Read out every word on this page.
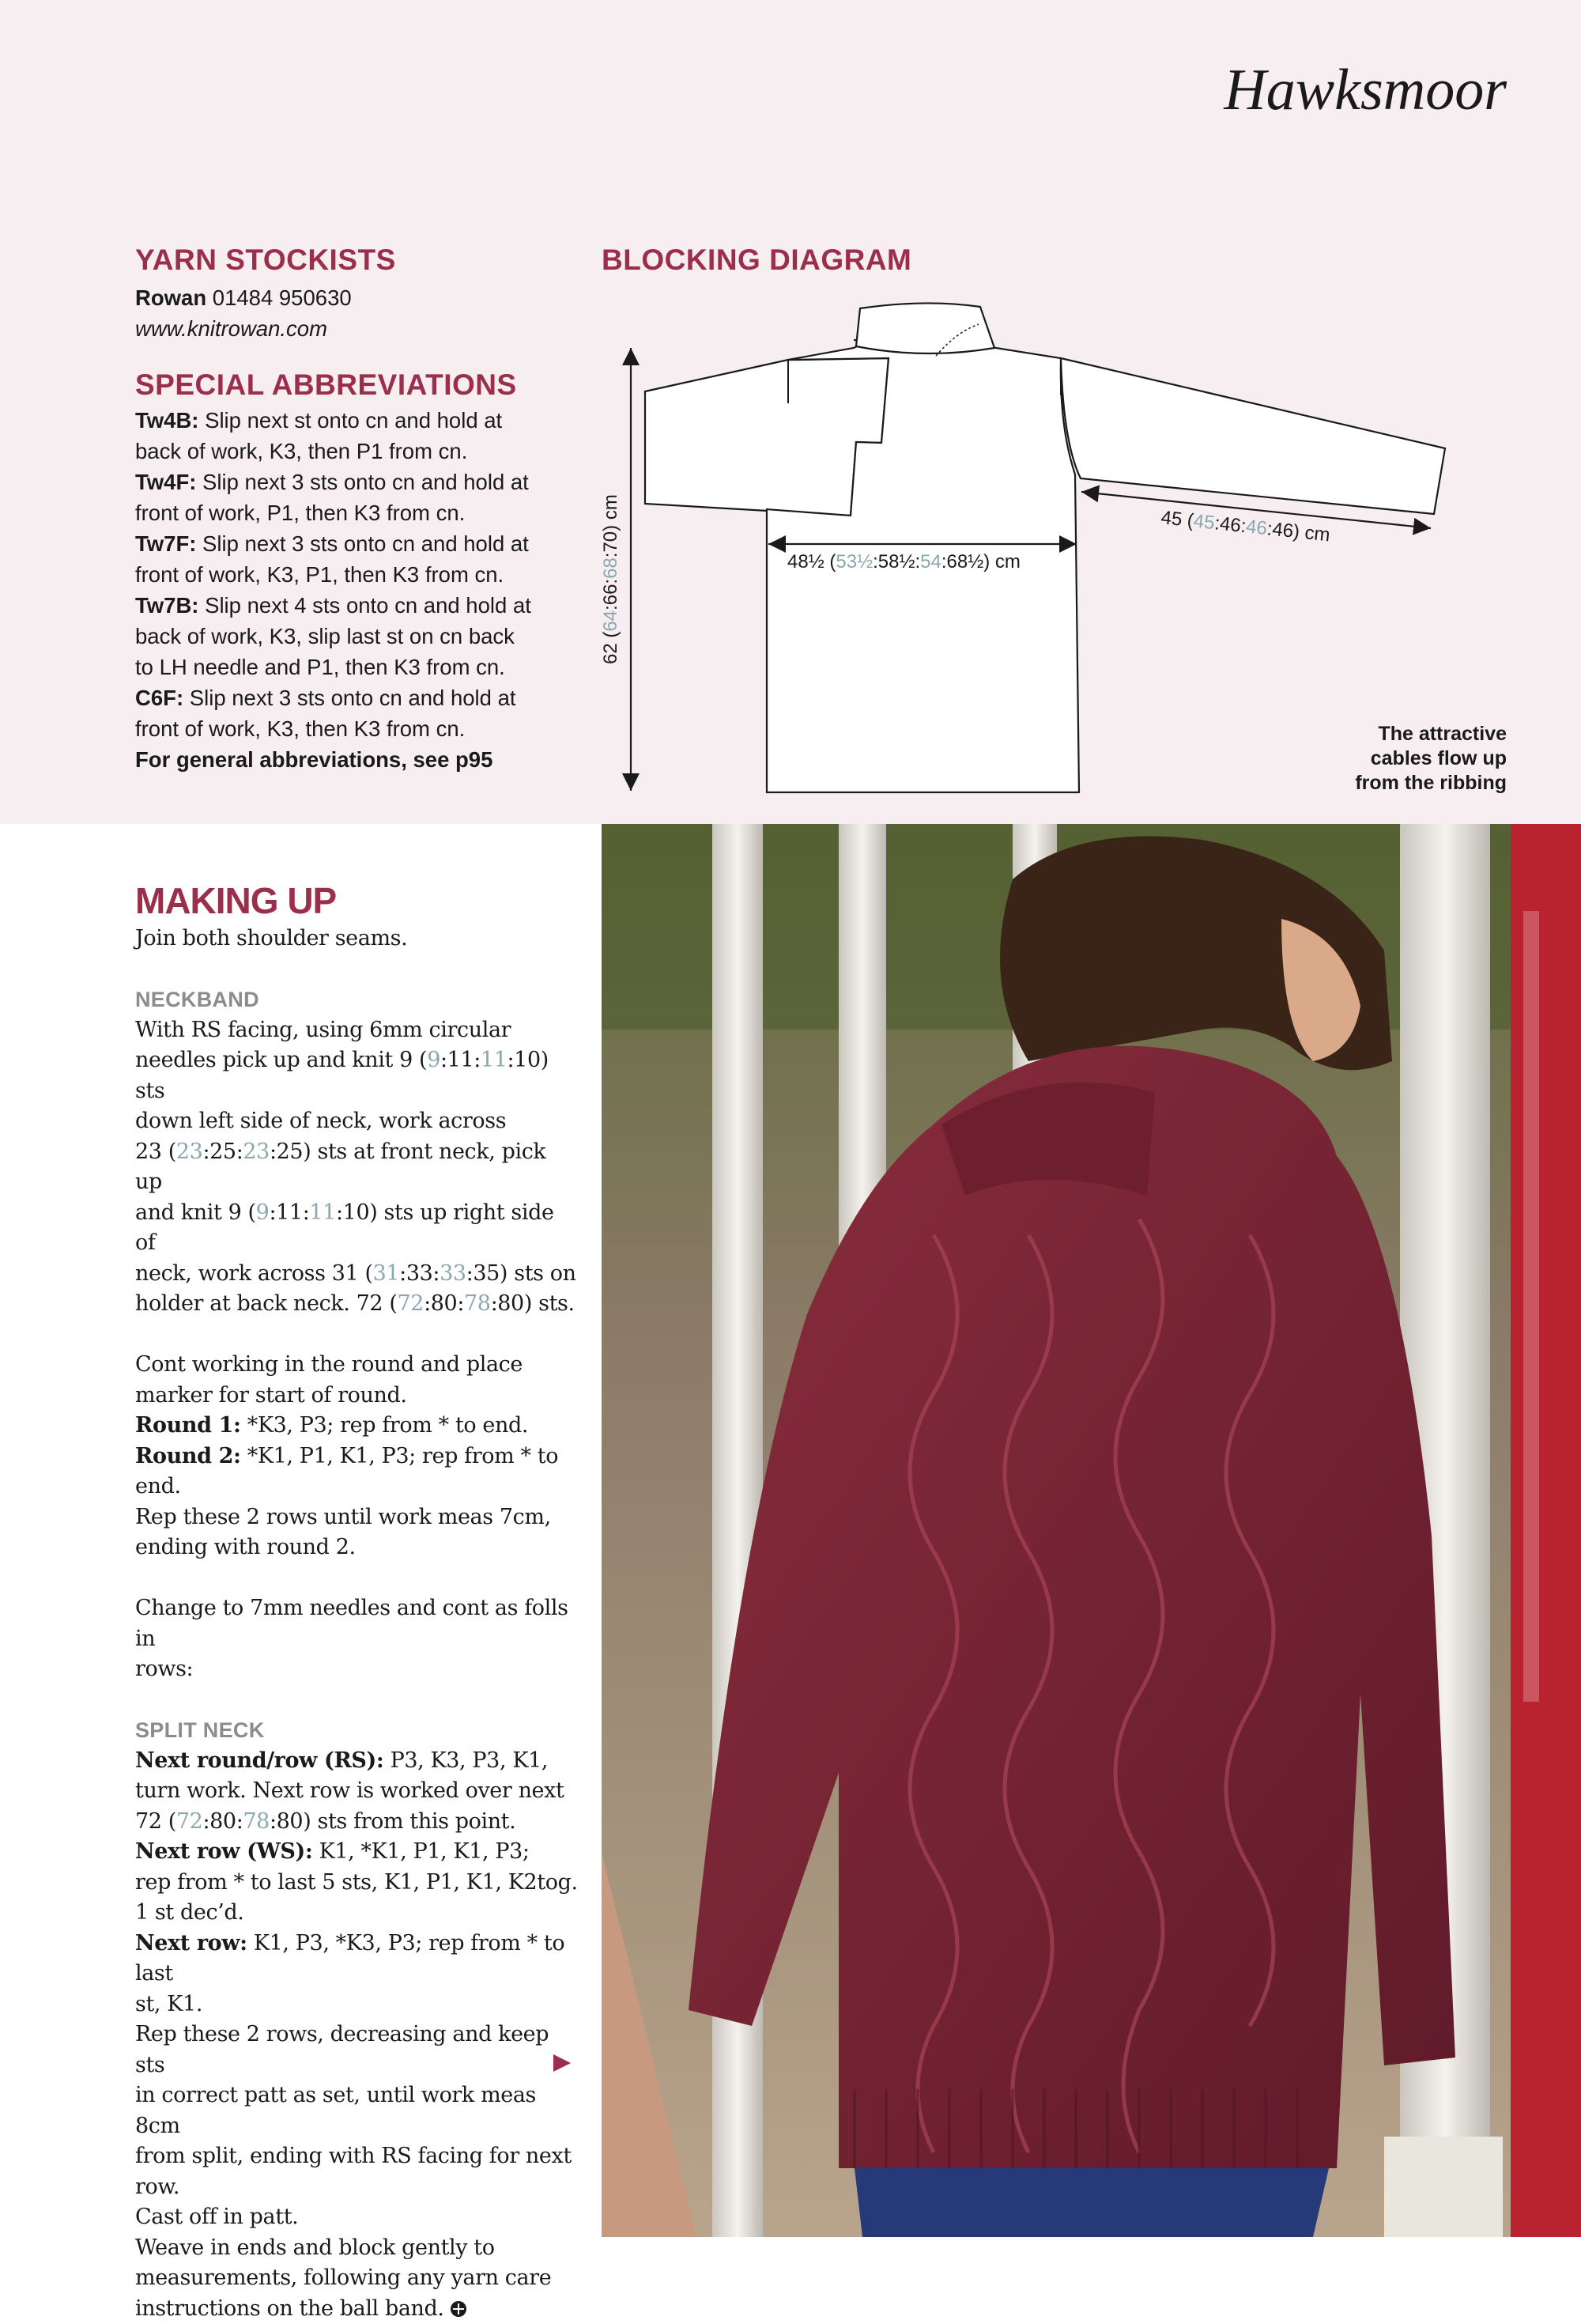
Hawksmoor
YARN STOCKISTS

Rowan 01484 950630

www.knitrowan.com

SPECIAL ABBREVIATIONS

Tw4B: Slip next st onto cn and hold at

back of work, K3, then P1 from cn.

Tw4F: Slip next 3 sts onto cn and hold at

front of work, P1, then K3 from cn.

Tw7F: Slip next 3 sts onto cn and hold at

front of work, K3, P1, then K3 from cn.

Tw7B: Slip next 4 sts onto cn and hold at

back of work, K3, slip last st on cn back

to LH needle and P1, then K3 from cn.

C6F: Slip next 3 sts onto cn and hold at

front of work, K3, then K3 from cn.

For general abbreviations, see p95

BLOCKING DIAGRAM
62 (64:66:68:70) cm
48½ (53½:58½:54:68½) cm
45 (45:46:46:46) cm
The attractive
cables flow up
from the ribbing
MAKING UP

Join both shoulder seams.

NECKBAND

With RS facing, using 6mm circular

needles pick up and knit 9 (9:11:11:10) sts

down left side of neck, work across

23 (23:25:23:25) sts at front neck, pick up

and knit 9 (9:11:11:10) sts up right side of

neck, work across 31 (31:33:33:35) sts on

holder at back neck. 72 (72:80:78:80) sts.

Cont working in the round and place

marker for start of round.

Round 1: *K3, P3; rep from * to end.

Round 2: *K1, P1, K1, P3; rep from * to end.

Rep these 2 rows until work meas 7cm,

ending with round 2.

Change to 7mm needles and cont as folls in

rows:

SPLIT NECK

Next round/row (RS): P3, K3, P3, K1,

turn work. Next row is worked over next

72 (72:80:78:80) sts from this point.

Next row (WS): K1, *K1, P1, K1, P3;

rep from * to last 5 sts, K1, P1, K1, K2tog.

1 st dec’d.

Next row: K1, P3, *K3, P3; rep from * to last

st, K1.

Rep these 2 rows, decreasing and keep sts

in correct patt as set, until work meas 8cm

from split, ending with RS facing for next

row.

Cast off in patt.

Weave in ends and block gently to

measurements, following any yarn care

instructions on the ball band.
